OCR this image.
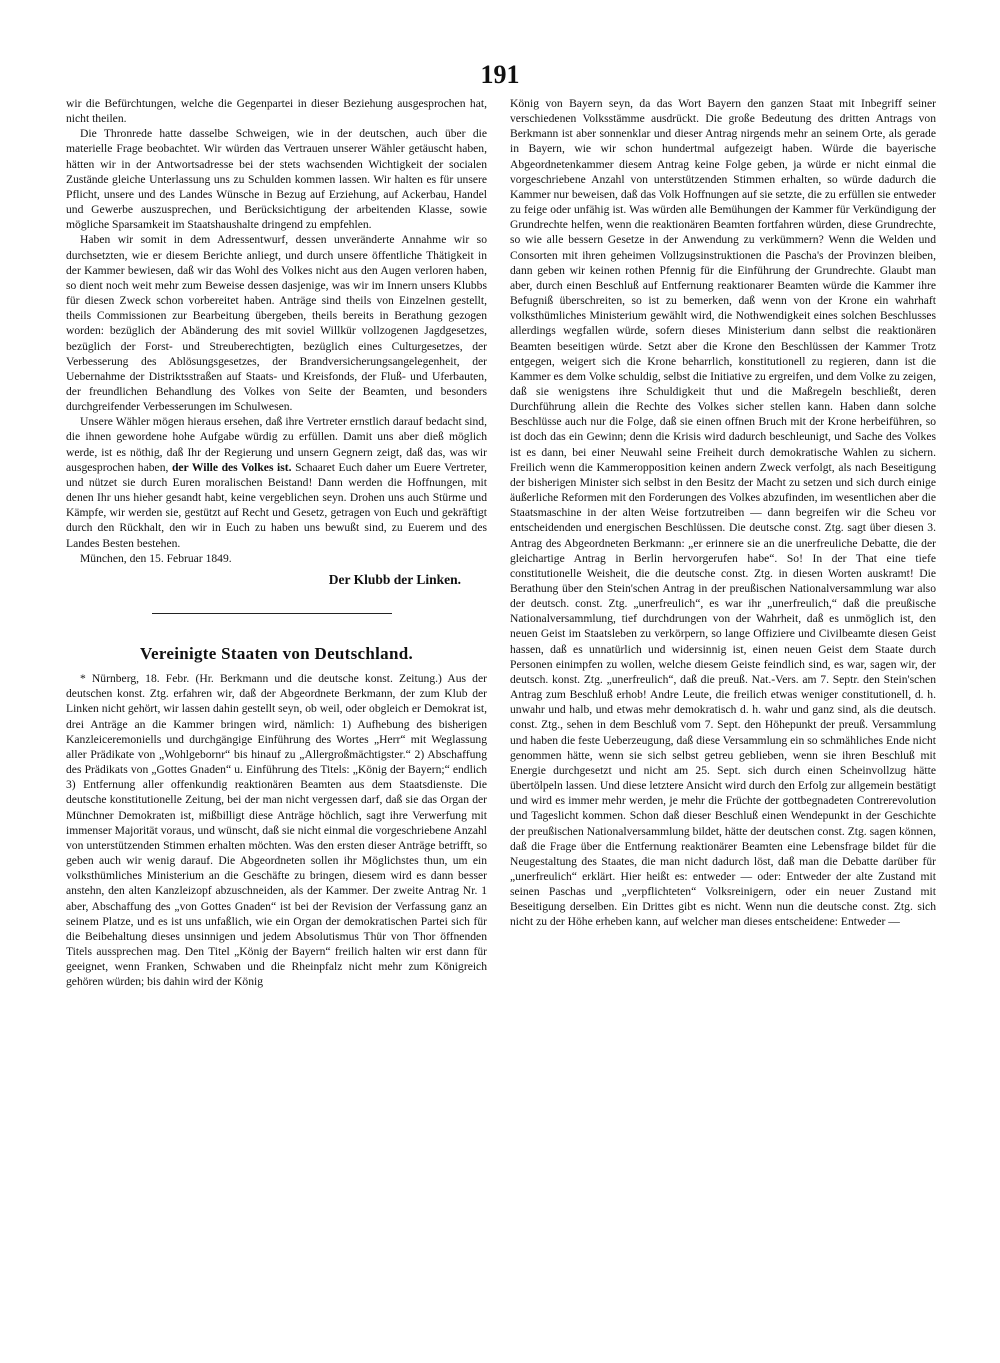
191

wir die Befürchtungen, welche die Gegenpartei in dieser Beziehung ausgesprochen hat, nicht theilen.

Die Thronrede hatte dasselbe Schweigen, wie in der deutschen, auch über die materielle Frage beobachtet. Wir würden das Vertrauen unserer Wähler getäuscht haben, hätten wir in der Antwortsadresse bei der stets wachsenden Wichtigkeit der socialen Zustände gleiche Unterlassung uns zu Schulden kommen lassen. Wir halten es für unsere Pflicht, unsere und des Landes Wünsche in Bezug auf Erziehung, auf Ackerbau, Handel und Gewerbe auszusprechen, und Berücksichtigung der arbeitenden Klasse, sowie mögliche Sparsamkeit im Staatshaushalte dringend zu empfehlen.

Haben wir somit in dem Adressentwurf, dessen unveränderte Annahme wir so durchsetzten, wie er diesem Berichte anliegt, und durch unsere öffentliche Thätigkeit in der Kammer bewiesen, daß wir das Wohl des Volkes nicht aus den Augen verloren haben, so dient noch weit mehr zum Beweise dessen dasjenige, was wir im Innern unsers Klubbs für diesen Zweck schon vorbereitet haben. Anträge sind theils von Einzelnen gestellt, theils Commissionen zur Bearbeitung übergeben, theils bereits in Berathung gezogen worden: bezüglich der Abänderung des mit soviel Willkür vollzogenen Jagdgesetzes, bezüglich der Forst- und Streuberechtigten, bezüglich eines Culturgesetzes, der Verbesserung des Ablösungsgesetzes, der Brandversicherungsangelegenheit, der Uebernahme der Distriktsstraßen auf Staats- und Kreisfonds, der Fluß- und Uferbauten, der freundlichen Behandlung des Volkes von Seite der Beamten, und besonders durchgreifender Verbesserungen im Schulwesen.

Unsere Wähler mögen hieraus ersehen, daß ihre Vertreter ernstlich darauf bedacht sind, die ihnen gewordene hohe Aufgabe würdig zu erfüllen. Damit uns aber dieß möglich werde, ist es nöthig, daß Ihr der Regierung und unsern Gegnern zeigt, daß das, was wir ausgesprochen haben, der Wille des Volkes ist. Schaaret Euch daher um Euere Vertreter, und nützet sie durch Euren moralischen Beistand! Dann werden die Hoffnungen, mit denen Ihr uns hieher gesandt habt, keine vergeblichen seyn. Drohen uns auch Stürme und Kämpfe, wir werden sie, gestützt auf Recht und Gesetz, getragen von Euch und gekräftigt durch den Rückhalt, den wir in Euch zu haben uns bewußt sind, zu Euerem und des Landes Besten bestehen.

München, den 15. Februar 1849.

Der Klubb der Linken.
Vereinigte Staaten von Deutschland.

* Nürnberg, 18. Febr. (Hr. Berkmann und die deutsche konst. Zeitung.) Aus der deutschen konst. Ztg. erfahren wir, daß der Abgeordnete Berkmann, der zum Klub der Linken nicht gehört, wir lassen dahin gestellt seyn, ob weil, oder obgleich er Demokrat ist, drei Anträge an die Kammer bringen wird, nämlich: 1) Aufhebung des bisherigen Kanzleiceremoniells und durchgängige Einführung des Wortes „Herr“ mit Weglassung aller Prädikate von „Wohlgebornr“ bis hinauf zu „Allergroßmächtigster.“ 2) Abschaffung des Prädikats von „Gottes Gnaden“ u. Einführung des Titels: „König der Bayern;“ endlich 3) Entfernung aller offenkundig reaktionären Beamten aus dem Staatsdienste. Die deutsche konstitutionelle Zeitung, bei der man nicht vergessen darf, daß sie das Organ der Münchner Demokraten ist, mißbilligt diese Anträge höchlich, sagt ihre Verwerfung mit immenser Majorität voraus, und wünscht, daß sie nicht einmal die vorgeschriebene Anzahl von unterstützenden Stimmen erhalten möchten. Was den ersten dieser Anträge betrifft, so geben auch wir wenig darauf. Die Abgeordneten sollen ihr Möglichstes thun, um ein volksthümliches Ministerium an die Geschäfte zu bringen, diesem wird es dann besser anstehn, den alten Kanzleizopf abzuschneiden, als der Kammer. Der zweite Antrag Nr. 1 aber, Abschaffung des „von Gottes Gnaden“ ist bei der Revision der Verfassung ganz an seinem Platze, und es ist uns unfaßlich, wie ein Organ der demokratischen Partei sich für die Beibehaltung dieses unsinnigen und jedem Absolutismus Thür von Thor öffnenden Titels aussprechen mag. Den Titel „König der Bayern“ freilich halten wir erst dann für geeignet, wenn Franken, Schwaben und die Rheinpfalz nicht mehr zum Königreich gehören würden; bis dahin wird der König

König von Bayern seyn, da das Wort Bayern den ganzen Staat mit Inbegriff seiner verschiedenen Volksstämme ausdrückt. Die große Bedeutung des dritten Antrags von Berkmann ist aber sonnenklar und dieser Antrag nirgends mehr an seinem Orte, als gerade in Bayern, wie wir schon hundertmal aufgezeigt haben. Würde die bayerische Abgeordnetenkammer diesem Antrag keine Folge geben, ja würde er nicht einmal die vorgeschriebene Anzahl von unterstützenden Stimmen erhalten, so würde dadurch die Kammer nur beweisen, daß das Volk Hoffnungen auf sie setzte, die zu erfüllen sie entweder zu feige oder unfähig ist. Was würden alle Bemühungen der Kammer für Verkündigung der Grundrechte helfen, wenn die reaktionären Beamten fortfahren würden, diese Grundrechte, so wie alle bessern Gesetze in der Anwendung zu verkümmern? Wenn die Welden und Consorten mit ihren geheimen Vollzugsinstruktionen die Pascha's der Provinzen bleiben, dann geben wir keinen rothen Pfennig für die Einführung der Grundrechte. Glaubt man aber, durch einen Beschluß auf Entfernung reaktionarer Beamten würde die Kammer ihre Befugniß überschreiten, so ist zu bemerken, daß wenn von der Krone ein wahrhaft volksthümliches Ministerium gewählt wird, die Nothwendigkeit eines solchen Beschlusses allerdings wegfallen würde, sofern dieses Ministerium dann selbst die reaktionären Beamten beseitigen würde. Setzt aber die Krone den Beschlüssen der Kammer Trotz entgegen, weigert sich die Krone beharrlich, konstitutionell zu regieren, dann ist die Kammer es dem Volke schuldig, selbst die Initiative zu ergreifen, und dem Volke zu zeigen, daß sie wenigstens ihre Schuldigkeit thut und die Maßregeln beschließt, deren Durchführung allein die Rechte des Volkes sicher stellen kann. Haben dann solche Beschlüsse auch nur die Folge, daß sie einen offnen Bruch mit der Krone herbeiführen, so ist doch das ein Gewinn; denn die Krisis wird dadurch beschleunigt, und Sache des Volkes ist es dann, bei einer Neuwahl seine Freiheit durch demokratische Wahlen zu sichern. Freilich wenn die Kammeropposition keinen andern Zweck verfolgt, als nach Beseitigung der bisherigen Minister sich selbst in den Besitz der Macht zu setzen und sich durch einige äußerliche Reformen mit den Forderungen des Volkes abzufinden, im wesentlichen aber die Staatsmaschine in der alten Weise fortzutreiben — dann begreifen wir die Scheu vor entscheidenden und energischen Beschlüssen. Die deutsche const. Ztg. sagt über diesen 3. Antrag des Abgeordneten Berkmann: „er erinnere sie an die unerfreuliche Debatte, die der gleichartige Antrag in Berlin hervorgerufen habe“. So! In der That eine tiefe constitutionelle Weisheit, die die deutsche const. Ztg. in diesen Worten auskramt! Die Berathung über den Stein'schen Antrag in der preußischen Nationalversammlung war also der deutsch. const. Ztg. „unerfreulich“, es war ihr „unerfreulich,“ daß die preußische Nationalversammlung, tief durchdrungen von der Wahrheit, daß es unmöglich ist, den neuen Geist im Staatsleben zu verkörpern, so lange Offiziere und Civilbeamte diesen Geist hassen, daß es unnatürlich und widersinnig ist, einen neuen Geist dem Staate durch Personen einimpfen zu wollen, welche diesem Geiste feindlich sind, es war, sagen wir, der deutsch. konst. Ztg. „unerfreulich“, daß die preuß. Nat.-Vers. am 7. Septr. den Stein'schen Antrag zum Beschluß erhob! Andre Leute, die freilich etwas weniger constitutionell, d. h. unwahr und halb, und etwas mehr demokratisch d. h. wahr und ganz sind, als die deutsch. const. Ztg., sehen in dem Beschluß vom 7. Sept. den Höhepunkt der preuß. Versammlung und haben die feste Ueberzeugung, daß diese Versammlung ein so schmähliches Ende nicht genommen hätte, wenn sie sich selbst getreu geblieben, wenn sie ihren Beschluß mit Energie durchgesetzt und nicht am 25. Sept. sich durch einen Scheinvollzug hätte übertölpeln lassen. Und diese letztere Ansicht wird durch den Erfolg zur allgemein bestätigt und wird es immer mehr werden, je mehr die Früchte der gottbegnadeten Contrerevolution und Tageslicht kommen. Schon daß dieser Beschluß einen Wendepunkt in der Geschichte der preußischen Nationalversammlung bildet, hätte der deutschen const. Ztg. sagen können, daß die Frage über die Entfernung reaktionärer Beamten eine Lebensfrage bildet für die Neugestaltung des Staates, die man nicht dadurch löst, daß man die Debatte darüber für „unerfreulich“ erklärt. Hier heißt es: entweder — oder: Entweder der alte Zustand mit seinen Paschas und „verpflichteten“ Volksreinigern, oder ein neuer Zustand mit Beseitigung derselben. Ein Drittes gibt es nicht. Wenn nun die deutsche const. Ztg. sich nicht zu der Höhe erheben kann, auf welcher man dieses entscheidene: Entweder —
